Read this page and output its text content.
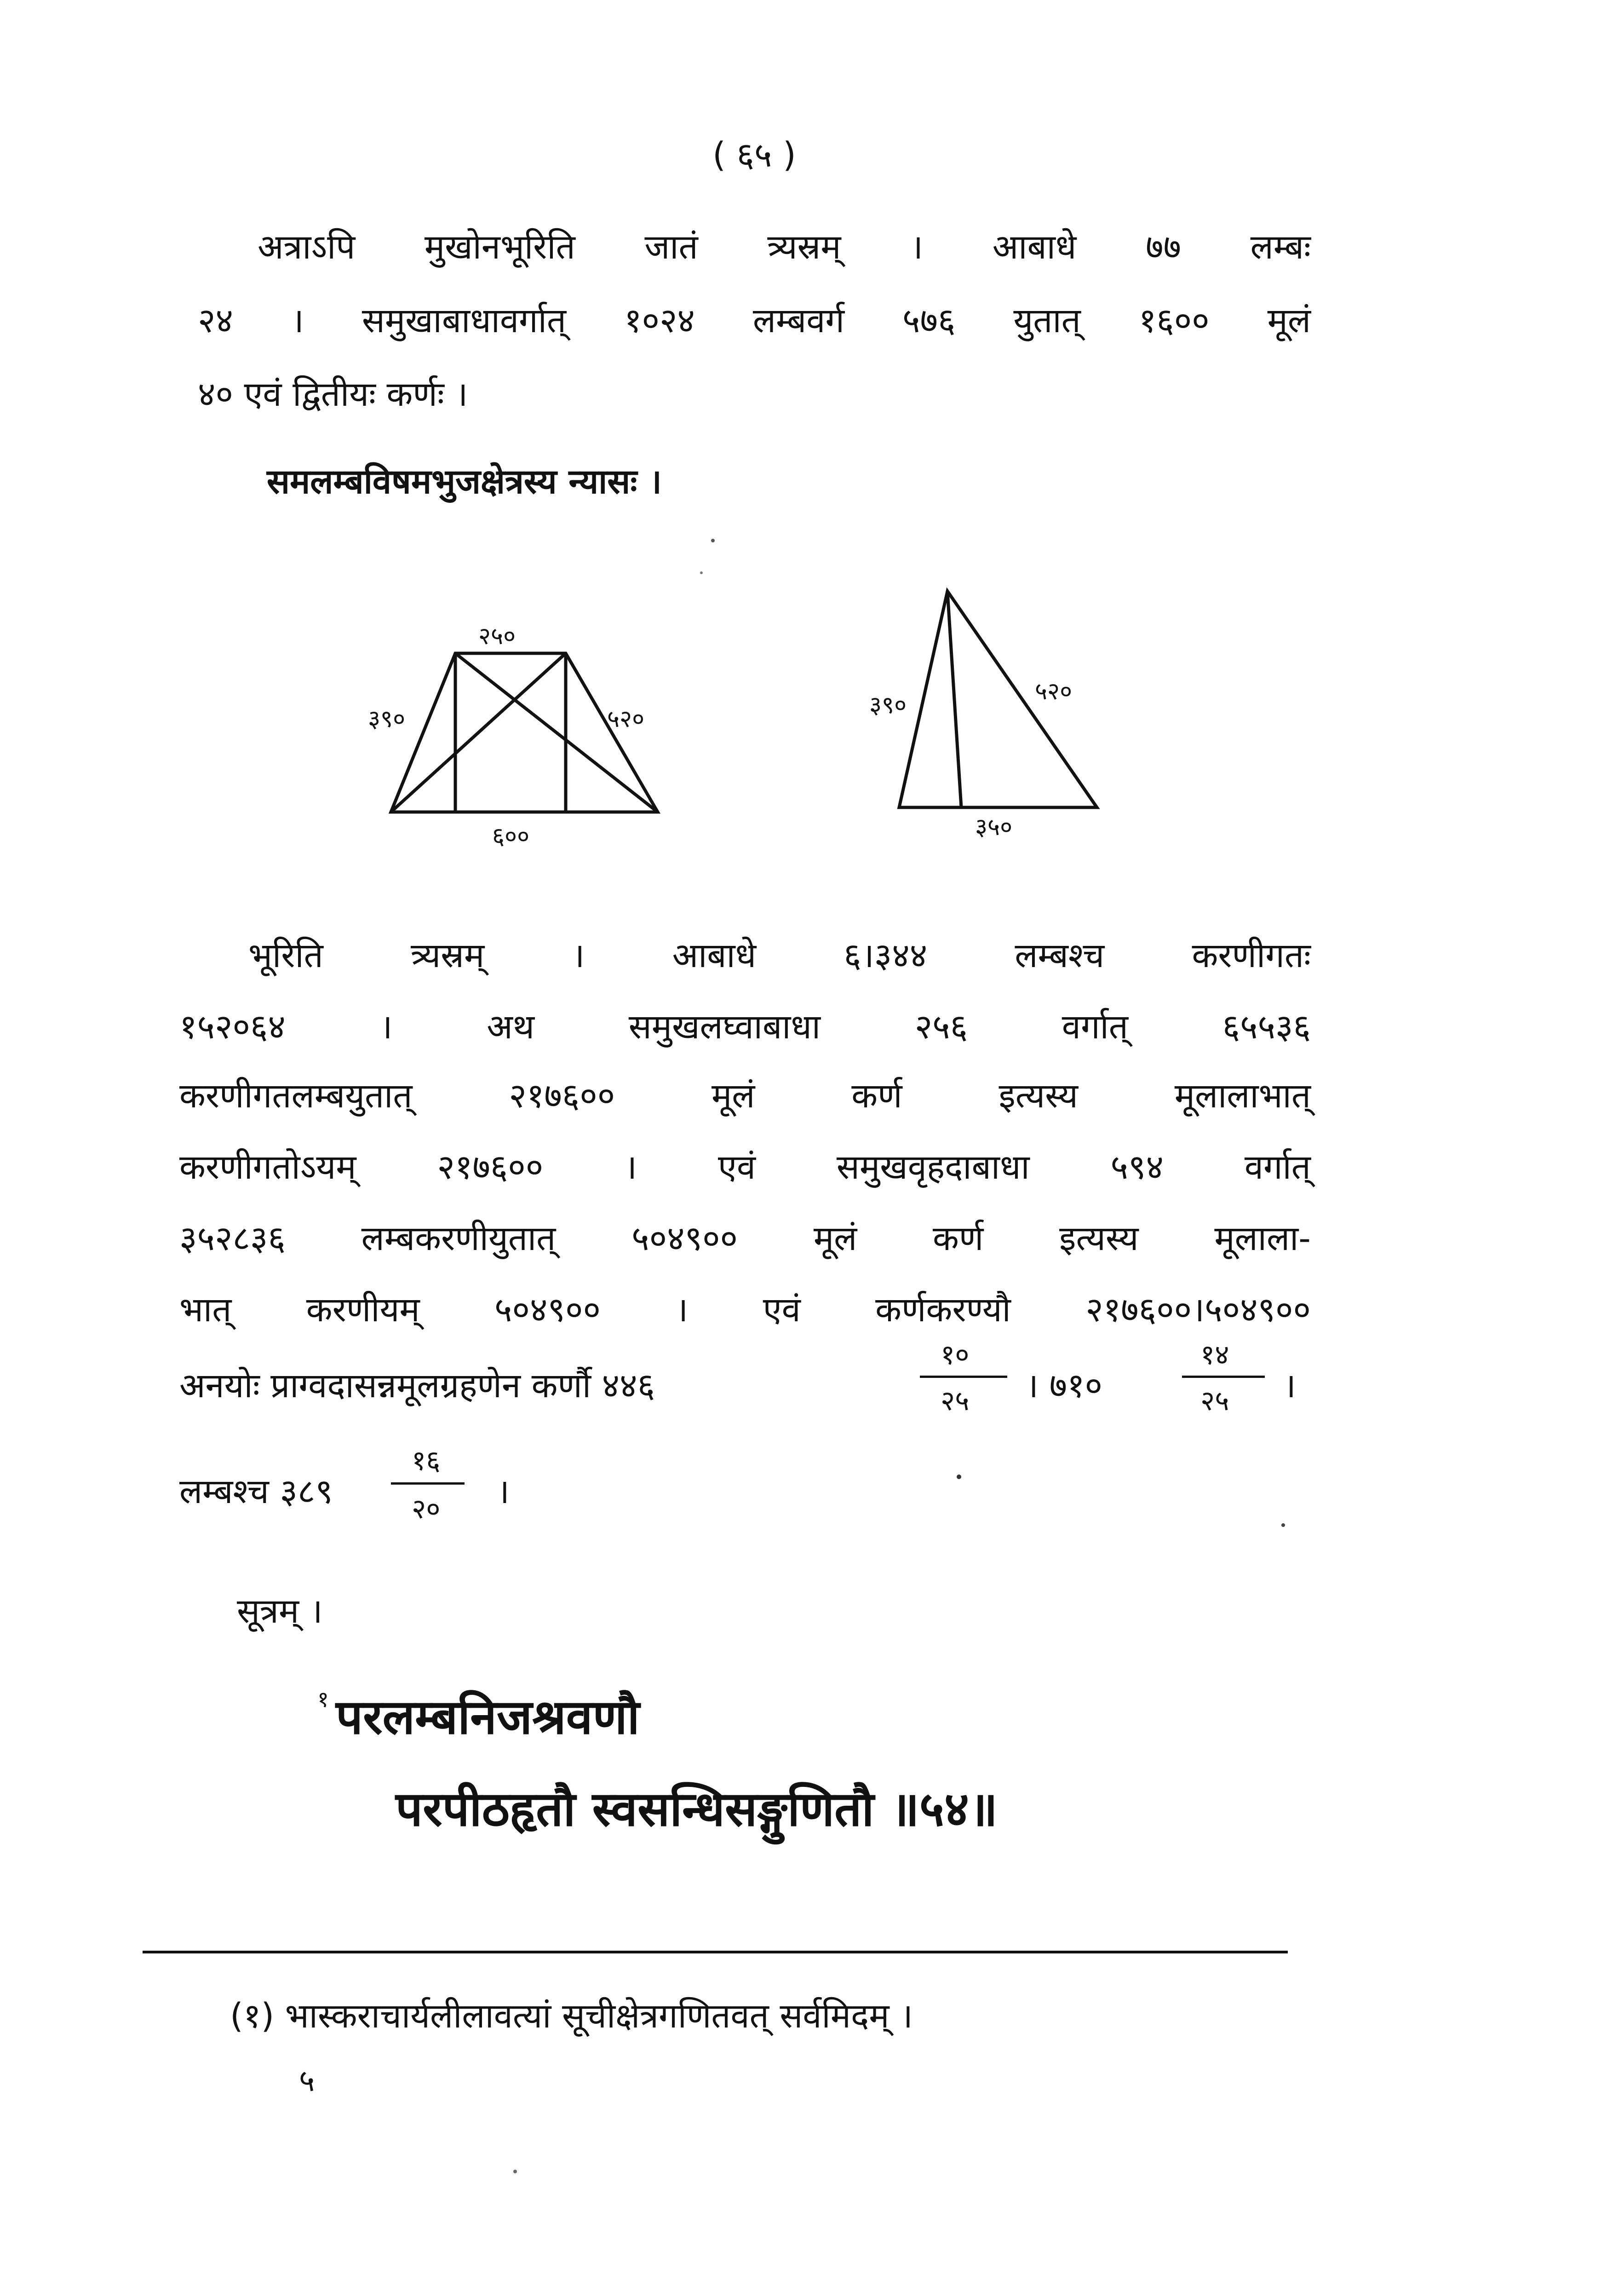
( ६५ )
अत्राऽपि मुखोनभूरिति जातं त्र्यस्रम् । आबाधे ७७ लम्बः
२४ । समुखाबाधावर्गात् १०२४ लम्बवर्ग ५७६ युतात् १६०० मूलं
४० एवं द्वितीयः कर्णः ।
समलम्बविषमभुजक्षेत्रस्य न्यासः ।
२५०
३९०	५२०
६००
३९०	५२०
३५०
भूरिति त्र्यस्रम् । आबाधे ६।३४४ लम्बश्च करणीगतः
१५२०६४ । अथ समुखलघ्वाबाधा २५६ वर्गात् ६५५३६
करणीगतलम्बयुतात् २१७६०० मूलं कर्ण इत्यस्य मूलालाभात्
करणीगतोऽयम् २१७६०० । एवं समुखवृहदाबाधा ५९४ वर्गात्
३५२८३६ लम्बकरणीयुतात् ५०४९०० मूलं कर्ण इत्यस्य मूलाला-
भात् करणीयम् ५०४९०० । एवं कर्णकरण्यौ २१७६००।५०४९००
अनयोः प्राग्वदासन्नमूलग्रहणेन कर्णौ ४४६
१०
२५ । ७१०
१४
२५ ।
लम्बश्च ३८९
१६
२० ।
सूत्रम् ।
१ परलम्बनिजश्रवणौ
परपीठहृतौ स्वसन्धिसङ्गुणितौ ॥५४॥
(१) भास्कराचार्यलीलावत्यां सूचीक्षेत्रगणितवत् सर्वमिदम् ।
५
